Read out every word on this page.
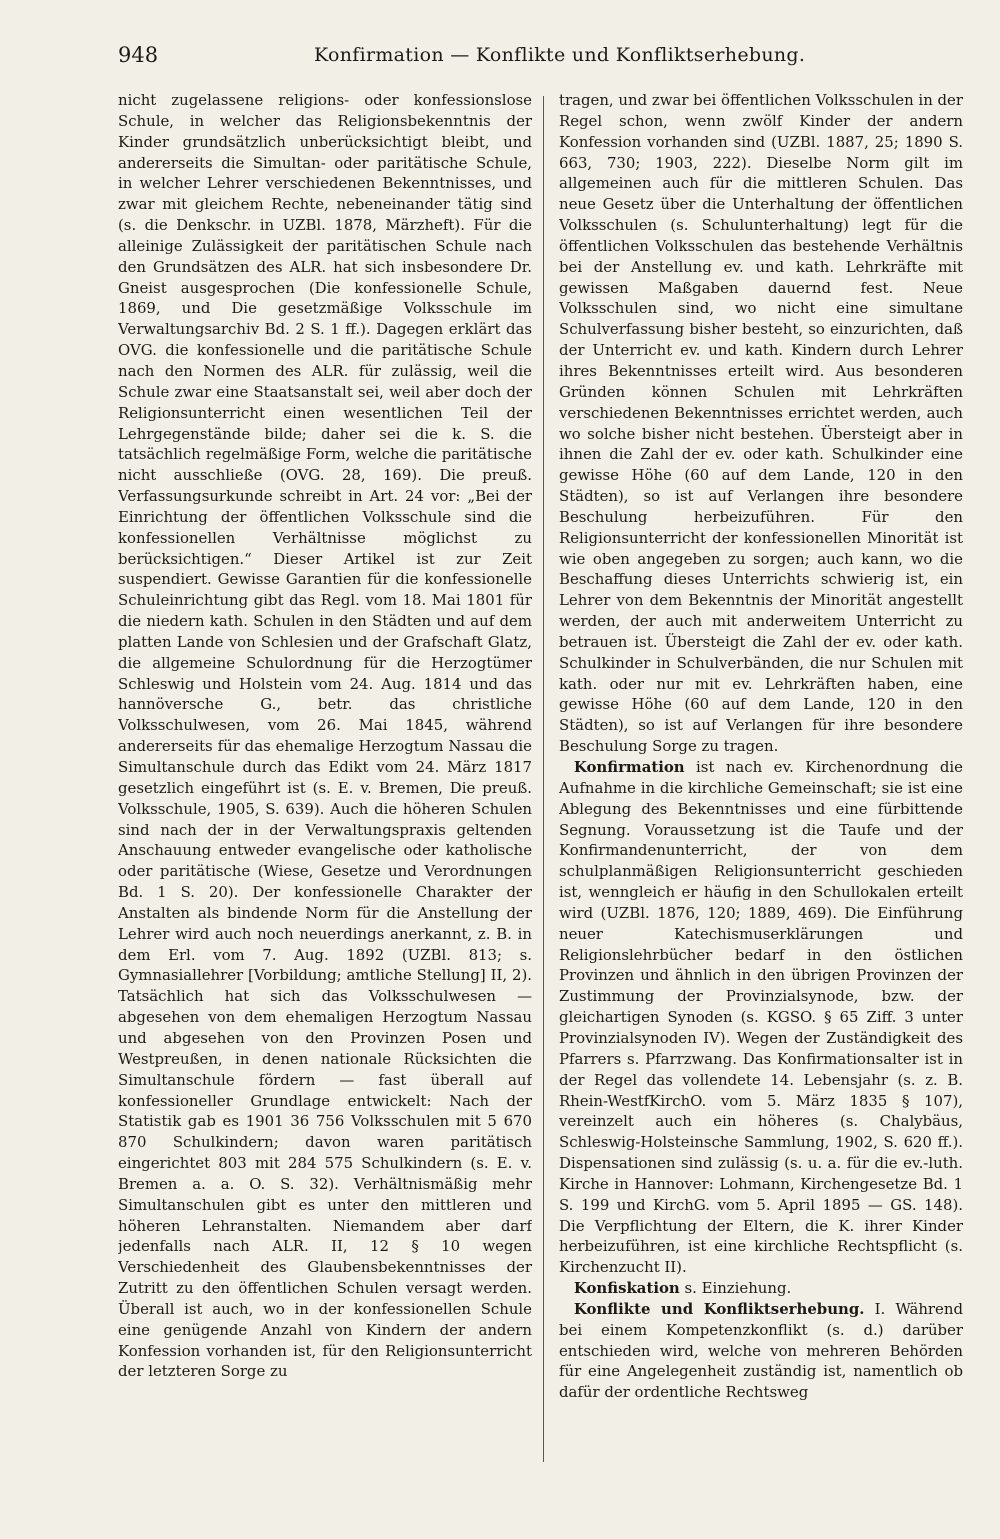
948	Konfirmation — Konflikte und Konfliktserhebung.

nicht zugelassene religions- oder konfessionslose Schule, in welcher das Religionsbekenntnis der Kinder grundsätzlich unberücksichtigt bleibt, und andererseits die Simultan- oder paritätische Schule, in welcher Lehrer verschiedenen Bekenntnisses, und zwar mit gleichem Rechte, nebeneinander tätig sind (s. die Denkschr. in UZBl. 1878, Märzheft). Für die alleinige Zulässigkeit der paritätischen Schule nach den Grundsätzen des ALR. hat sich insbesondere Dr. Gneist ausgesprochen (Die konfessionelle Schule, 1869, und Die gesetzmäßige Volksschule im Verwaltungsarchiv Bd. 2 S. 1 ff.). Dagegen erklärt das OVG. die konfessionelle und die paritätische Schule nach den Normen des ALR. für zulässig, weil die Schule zwar eine Staatsanstalt sei, weil aber doch der Religionsunterricht einen wesentlichen Teil der Lehrgegenstände bilde; daher sei die k. S. die tatsächlich regelmäßige Form, welche die paritätische nicht ausschließe (OVG. 28, 169). Die preuß. Verfassungsurkunde schreibt in Art. 24 vor: „Bei der Einrichtung der öffentlichen Volksschule sind die konfessionellen Verhältnisse möglichst zu berücksichtigen.“ Dieser Artikel ist zur Zeit suspendiert. Gewisse Garantien für die konfessionelle Schuleinrichtung gibt das Regl. vom 18. Mai 1801 für die niedern kath. Schulen in den Städten und auf dem platten Lande von Schlesien und der Grafschaft Glatz, die allgemeine Schulordnung für die Herzogtümer Schleswig und Holstein vom 24. Aug. 1814 und das hannöversche G., betr. das christliche Volksschulwesen, vom 26. Mai 1845, während andererseits für das ehemalige Herzogtum Nassau die Simultanschule durch das Edikt vom 24. März 1817 gesetzlich eingeführt ist (s. E. v. Bremen, Die preuß. Volksschule, 1905, S. 639). Auch die höheren Schulen sind nach der in der Verwaltungspraxis geltenden Anschauung entweder evangelische oder katholische oder paritätische (Wiese, Gesetze und Verordnungen Bd. 1 S. 20). Der konfessionelle Charakter der Anstalten als bindende Norm für die Anstellung der Lehrer wird auch noch neuerdings anerkannt, z. B. in dem Erl. vom 7. Aug. 1892 (UZBl. 813; s. Gymnasiallehrer [Vorbildung; amtliche Stellung] II, 2). Tatsächlich hat sich das Volksschulwesen — abgesehen von dem ehemaligen Herzogtum Nassau und abgesehen von den Provinzen Posen und Westpreußen, in denen nationale Rücksichten die Simultanschule fördern — fast überall auf konfessioneller Grundlage entwickelt: Nach der Statistik gab es 1901 36 756 Volksschulen mit 5 670 870 Schulkindern; davon waren paritätisch eingerichtet 803 mit 284 575 Schulkindern (s. E. v. Bremen a. a. O. S. 32). Verhältnismäßig mehr Simultanschulen gibt es unter den mittleren und höheren Lehranstalten. Niemandem aber darf jedenfalls nach ALR. II, 12 § 10 wegen Verschiedenheit des Glaubensbekenntnisses der Zutritt zu den öffentlichen Schulen versagt werden. Überall ist auch, wo in der konfessionellen Schule eine genügende Anzahl von Kindern der andern Konfession vorhanden ist, für den Religionsunterricht der letzteren Sorge zu

tragen, und zwar bei öffentlichen Volksschulen in der Regel schon, wenn zwölf Kinder der andern Konfession vorhanden sind (UZBl. 1887, 25; 1890 S. 663, 730; 1903, 222). Dieselbe Norm gilt im allgemeinen auch für die mittleren Schulen. Das neue Gesetz über die Unterhaltung der öffentlichen Volksschulen (s. Schulunterhaltung) legt für die öffentlichen Volksschulen das bestehende Verhältnis bei der Anstellung ev. und kath. Lehrkräfte mit gewissen Maßgaben dauernd fest. Neue Volksschulen sind, wo nicht eine simultane Schulverfassung bisher besteht, so einzurichten, daß der Unterricht ev. und kath. Kindern durch Lehrer ihres Bekenntnisses erteilt wird. Aus besonderen Gründen können Schulen mit Lehrkräften verschiedenen Bekenntnisses errichtet werden, auch wo solche bisher nicht bestehen. Übersteigt aber in ihnen die Zahl der ev. oder kath. Schulkinder eine gewisse Höhe (60 auf dem Lande, 120 in den Städten), so ist auf Verlangen ihre besondere Beschulung herbeizuführen. Für den Religionsunterricht der konfessionellen Minorität ist wie oben angegeben zu sorgen; auch kann, wo die Beschaffung dieses Unterrichts schwierig ist, ein Lehrer von dem Bekenntnis der Minorität angestellt werden, der auch mit anderweitem Unterricht zu betrauen ist. Übersteigt die Zahl der ev. oder kath. Schulkinder in Schulverbänden, die nur Schulen mit kath. oder nur mit ev. Lehrkräften haben, eine gewisse Höhe (60 auf dem Lande, 120 in den Städten), so ist auf Verlangen für ihre besondere Beschulung Sorge zu tragen.

 Konfirmation ist nach ev. Kirchenordnung die Aufnahme in die kirchliche Gemeinschaft; sie ist eine Ablegung des Bekenntnisses und eine fürbittende Segnung. Voraussetzung ist die Taufe und der Konfirmandenunterricht, der von dem schulplanmäßigen Religionsunterricht geschieden ist, wenngleich er häufig in den Schullokalen erteilt wird (UZBl. 1876, 120; 1889, 469). Die Einführung neuer Katechismuserklärungen und Religionslehrbücher bedarf in den östlichen Provinzen und ähnlich in den übrigen Provinzen der Zustimmung der Provinzialsynode, bzw. der gleichartigen Synoden (s. KGSO. § 65 Ziff. 3 unter Provinzialsynoden IV). Wegen der Zuständigkeit des Pfarrers s. Pfarrzwang. Das Konfirmationsalter ist in der Regel das vollendete 14. Lebensjahr (s. z. B. Rhein-WestfKirchO. vom 5. März 1835 § 107), vereinzelt auch ein höheres (s. Chalybäus, Schleswig-Holsteinsche Sammlung, 1902, S. 620 ff.). Dispensationen sind zulässig (s. u. a. für die ev.-luth. Kirche in Hannover: Lohmann, Kirchengesetze Bd. 1 S. 199 und KirchG. vom 5. April 1895 — GS. 148). Die Verpflichtung der Eltern, die K. ihrer Kinder herbeizuführen, ist eine kirchliche Rechtspflicht (s. Kirchenzucht II).

 Konfiskation s. Einziehung.

 Konflikte und Konfliktserhebung. I. Während bei einem Kompetenzkonflikt (s. d.) darüber entschieden wird, welche von mehreren Behörden für eine Angelegenheit zuständig ist, namentlich ob dafür der ordentliche Rechtsweg
